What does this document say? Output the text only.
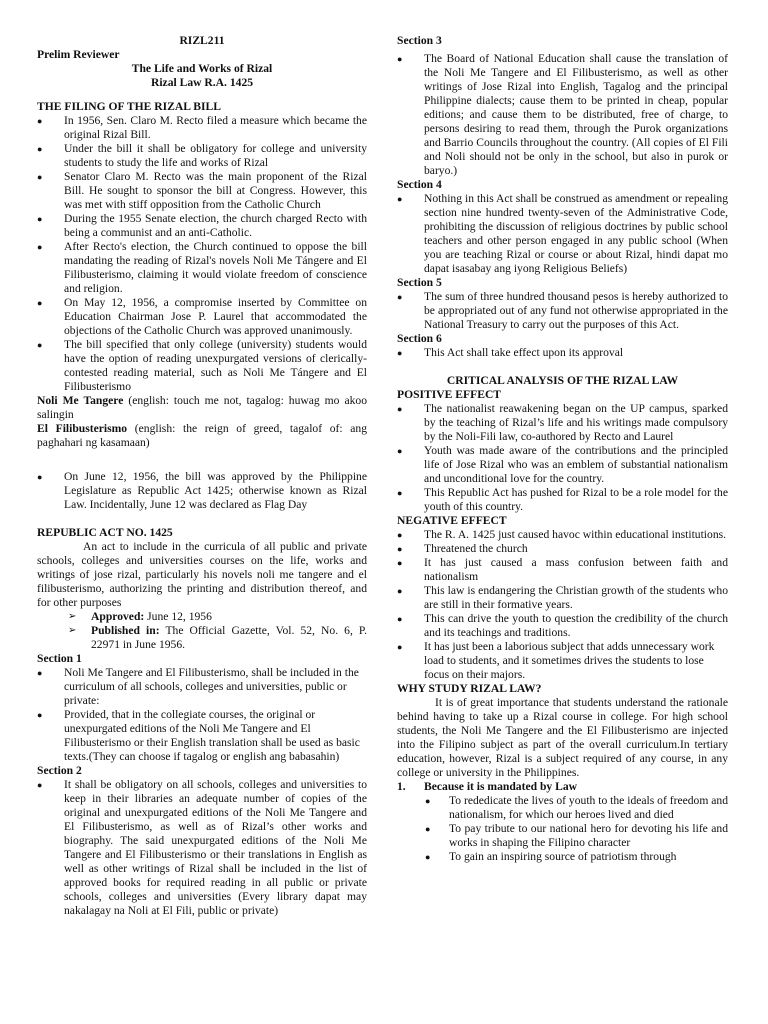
RIZL211
Prelim Reviewer
The Life and Works of Rizal
Rizal Law R.A. 1425
THE FILING OF THE RIZAL BILL
● In 1956, Sen. Claro M. Recto filed a measure which became the original Rizal Bill.
● Under the bill it shall be obligatory for college and university students to study the life and works of Rizal
● Senator Claro M. Recto was the main proponent of the Rizal Bill. He sought to sponsor the bill at Congress. However, this was met with stiff opposition from the Catholic Church
● During the 1955 Senate election, the church charged Recto with being a communist and an anti-Catholic.
● After Recto's election, the Church continued to oppose the bill mandating the reading of Rizal's novels Noli Me Tángere and El Filibusterismo, claiming it would violate freedom of conscience and religion.
● On May 12, 1956, a compromise inserted by Committee on Education Chairman Jose P. Laurel that accommodated the objections of the Catholic Church was approved unanimously.
● The bill specified that only college (university) students would have the option of reading unexpurgated versions of clerically-contested reading material, such as Noli Me Tángere and El Filibusterismo
Noli Me Tangere (english: touch me not, tagalog: huwag mo akoo salingin
El Filibusterismo (english: the reign of greed, tagalof of: ang paghahari ng kasamaan)
● On June 12, 1956, the bill was approved by the Philippine Legislature as Republic Act 1425; otherwise known as Rizal Law. Incidentally, June 12 was declared as Flag Day
REPUBLIC ACT NO. 1425
An act to include in the curricula of all public and private schools, colleges and universities courses on the life, works and writings of jose rizal, particularly his novels noli me tangere and el filibusterismo, authorizing the printing and distribution thereof, and for other purposes
➢ Approved: June 12, 1956
➢ Published in: The Official Gazette, Vol. 52, No. 6, P. 22971 in June 1956.
Section 1
● Noli Me Tangere and El Filibusterismo, shall be included in the curriculum of all schools, colleges and universities, public or private:
● Provided, that in the collegiate courses, the original or unexpurgated editions of the Noli Me Tangere and El Filibusterismo or their English translation shall be used as basic texts.(They can choose if tagalog or english ang babasahin)
Section 2
● It shall be obligatory on all schools, colleges and universities to keep in their libraries an adequate number of copies of the original and unexpurgated editions of the Noli Me Tangere and El Filibusterismo, as well as of Rizal’s other works and biography. The said unexpurgated editions of the Noli Me Tangere and El Filibusterismo or their translations in English as well as other writings of Rizal shall be included in the list of approved books for required reading in all public or private schools, colleges and universities (Every library dapat may nakalagay na Noli at El Fili, public or private)
Section 3
● The Board of National Education shall cause the translation of the Noli Me Tangere and El Filibusterismo, as well as other writings of Jose Rizal into English, Tagalog and the principal Philippine dialects; cause them to be printed in cheap, popular editions; and cause them to be distributed, free of charge, to persons desiring to read them, through the Purok organizations and Barrio Councils throughout the country. (All copies of El Fili and Noli should not be only in the school, but also in purok or baryo.)
Section 4
● Nothing in this Act shall be construed as amendment or repealing section nine hundred twenty-seven of the Administrative Code, prohibiting the discussion of religious doctrines by public school teachers and other person engaged in any public school (When you are teaching Rizal or course or about Rizal, hindi dapat mo dapat isasabay ang iyong Religious Beliefs)
Section 5
● The sum of three hundred thousand pesos is hereby authorized to be appropriated out of any fund not otherwise appropriated in the National Treasury to carry out the purposes of this Act.
Section 6
● This Act shall take effect upon its approval
CRITICAL ANALYSIS OF THE RIZAL LAW
POSITIVE EFFECT
● The nationalist reawakening began on the UP campus, sparked by the teaching of Rizal’s life and his writings made compulsory by the Noli-Fili law, co-authored by Recto and Laurel
● Youth was made aware of the contributions and the principled life of Jose Rizal who was an emblem of substantial nationalism and unconditional love for the country.
● This Republic Act has pushed for Rizal to be a role model for the youth of this country.
NEGATIVE EFFECT
● The R. A. 1425 just caused havoc within educational institutions.
● Threatened the church
● It has just caused a mass confusion between faith and nationalism
● This law is endangering the Christian growth of the students who are still in their formative years.
● This can drive the youth to question the credibility of the church and its teachings and traditions.
● It has just been a laborious subject that adds unnecessary work load to students, and it sometimes drives the students to lose focus on their majors.
WHY STUDY RIZAL LAW?
It is of great importance that students understand the rationale behind having to take up a Rizal course in college. For high school students, the Noli Me Tangere and the El Filibusterismo are injected into the Filipino subject as part of the overall curriculum.In tertiary education, however, Rizal is a subject required of any course, in any college or university in the Philippines.
1. Because it is mandated by Law
● To rededicate the lives of youth to the ideals of freedom and nationalism, for which our heroes lived and died
● To pay tribute to our national hero for devoting his life and works in shaping the Filipino character
● To gain an inspiring source of patriotism through
